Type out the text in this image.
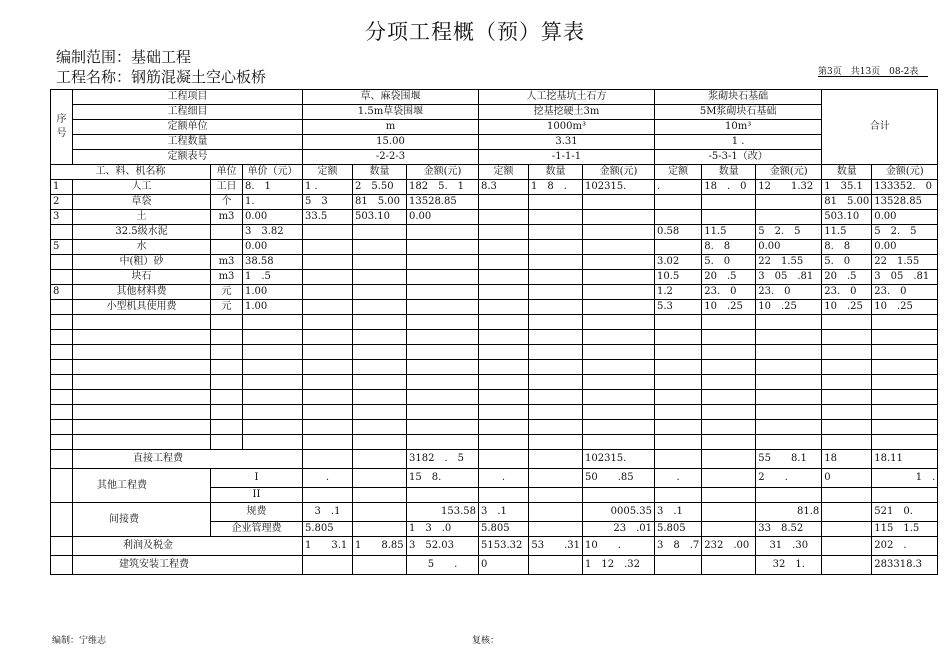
分项工程概（预）算表
编制范围：基础工程
工程名称：钢筋混凝土空心板桥	第3页　共13页　08-2表
序号	工程项目			草、麻袋围堰			人工挖基坑土石方			浆砌块石基础			合计	
	工程细目			1.5m草袋围堰			挖基挖硬土3m			5M浆砌块石基础				
	定额单位			m			1000m³			10m³				
	工程数量			15.00			3.31			1 .				
	定额表号			-2-2-3			-1-1-1			-5-3-1（改）				
工、料、机名称		单位	单价（元）	定额	数量	金额(元)	定额	数量	金额(元)	定额	数量	金额(元)	数量	金额(元)
1	人工	工日	8.　1	1 .	2　5.50	182　5.　1	8.3	1　8　.	102315.	.	18　.　0	12　　1.32	1　35.1	133352.　0
2	草袋	个	1.	5　3	81　5.00	13528.85							81　5.00	13528.85
3	土	m3	0.00	33.5	503.10	0.00							503.10	0.00
	32.5级水泥		3　3.82							0.58	11.5	5　2.　5	11.5	5　2.　5
5	水		0.00								8.　8	0.00	8.　8	0.00
	中(粗）砂	m3	38.58							3.02	5.　0	22　1.55	5.　0	22　1.55
	块石	m3	1　.5							10.5	20　.5	3　05　.81	20　.5	3　05　.81
8	其他材料费	元	1.00							1.2	23.　0	23.　0	23.　0	23.　0
	小型机具使用费	元	1.00							5.3	10　.25	10　.25	10　.25	10　.25

	直接工程费					3182　.　5			102315.			55　　8.1	18	18.11
	其他工程费	I		.		15　8.	.		50　　.85	.		2　　.	0	1　.
		II												
	间接费	规费		3　.1		153.58	3　.1		0005.35	3　.1		81.8		521　0.
		企业管理费		5.805		1　3　.0	5.805		23　.01	5.805		33　8.52		115　1.5
	利润及税金			1　　3.1	1　　8.85	3　52.03	5153.32	53　　.31	10　　.	3　8　.7	232　.00	31　.30		202　.
	建筑安装工程费					5　　.	0		1　12　.32			32　1.		283318.3
编制：宁维志	复核：
